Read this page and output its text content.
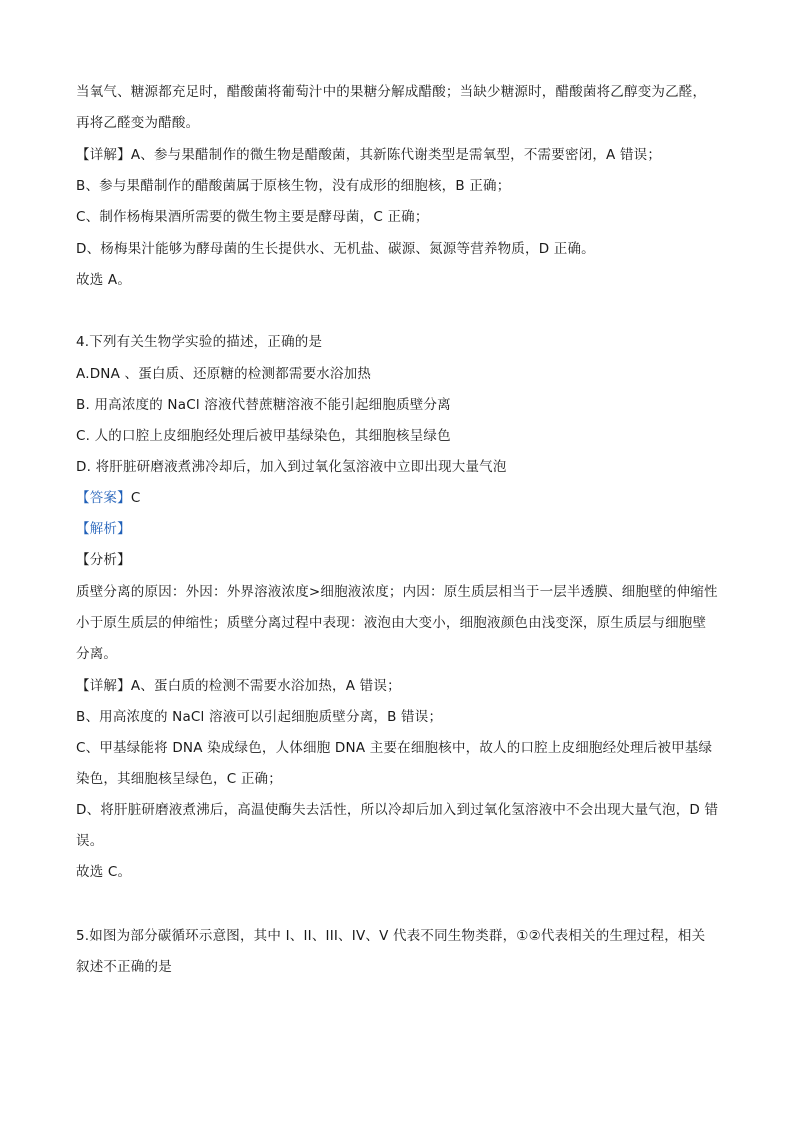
当氧气、糖源都充足时，醋酸菌将葡萄汁中的果糖分解成醋酸；当缺少糖源时，醋酸菌将乙醇变为乙醛，
再将乙醛变为醋酸。
【详解】A、参与果醋制作的微生物是醋酸菌，其新陈代谢类型是需氧型，不需要密闭，A 错误；
B、参与果醋制作的醋酸菌属于原核生物，没有成形的细胞核，B 正确；
C、制作杨梅果酒所需要的微生物主要是酵母菌，C 正确；
D、杨梅果汁能够为酵母菌的生长提供水、无机盐、碳源、氮源等营养物质，D 正确。
故选 A。
4.下列有关生物学实验的描述，正确的是
A.DNA 、蛋白质、还原糖的检测都需要水浴加热
B. 用高浓度的 NaCl 溶液代替蔗糖溶液不能引起细胞质壁分离
C. 人的口腔上皮细胞经处理后被甲基绿染色，其细胞核呈绿色
D. 将肝脏研磨液煮沸冷却后，加入到过氧化氢溶液中立即出现大量气泡
【答案】C
【解析】
【分析】
质壁分离的原因：外因：外界溶液浓度>细胞液浓度；内因：原生质层相当于一层半透膜、细胞壁的伸缩性
小于原生质层的伸缩性；质壁分离过程中表现：液泡由大变小，细胞液颜色由浅变深，原生质层与细胞壁
分离。
【详解】A、蛋白质的检测不需要水浴加热，A 错误；
B、用高浓度的 NaCl 溶液可以引起细胞质壁分离，B 错误；
C、甲基绿能将 DNA 染成绿色，人体细胞 DNA 主要在细胞核中，故人的口腔上皮细胞经处理后被甲基绿
染色，其细胞核呈绿色，C 正确；
D、将肝脏研磨液煮沸后，高温使酶失去活性，所以冷却后加入到过氧化氢溶液中不会出现大量气泡，D 错
误。
故选 C。
5.如图为部分碳循环示意图，其中 I、II、III、IV、V 代表不同生物类群，①②代表相关的生理过程，相关
叙述不正确的是
